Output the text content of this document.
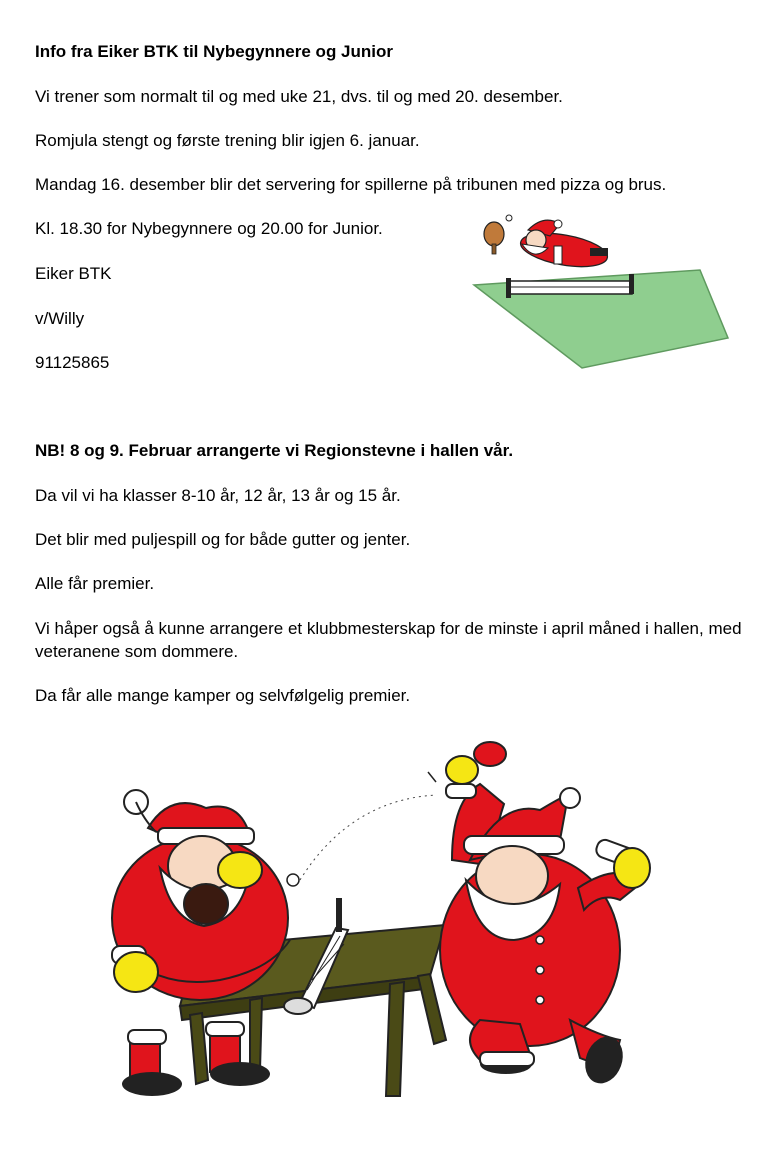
Info fra Eiker BTK til Nybegynnere og Junior

Vi trener som normalt til og med uke 21, dvs. til og med 20. desember.

Romjula stengt og første trening blir igjen 6. januar.

Mandag 16. desember blir det servering for spillerne på tribunen med pizza og brus.

Kl. 18.30 for Nybegynnere og 20.00 for Junior.

Eiker BTK

v/Willy

91125865

NB! 8 og 9. Februar arrangerte vi Regionstevne i hallen vår.

Da vil vi ha klasser 8-10 år, 12 år, 13 år og 15 år.

Det blir med puljespill og for både gutter og jenter.

Alle får premier.

Vi håper også å kunne arrangere et klubbmesterskap for de minste i april måned i hallen, med veteranene som dommere.

Da får alle mange kamper og selvfølgelig premier.
